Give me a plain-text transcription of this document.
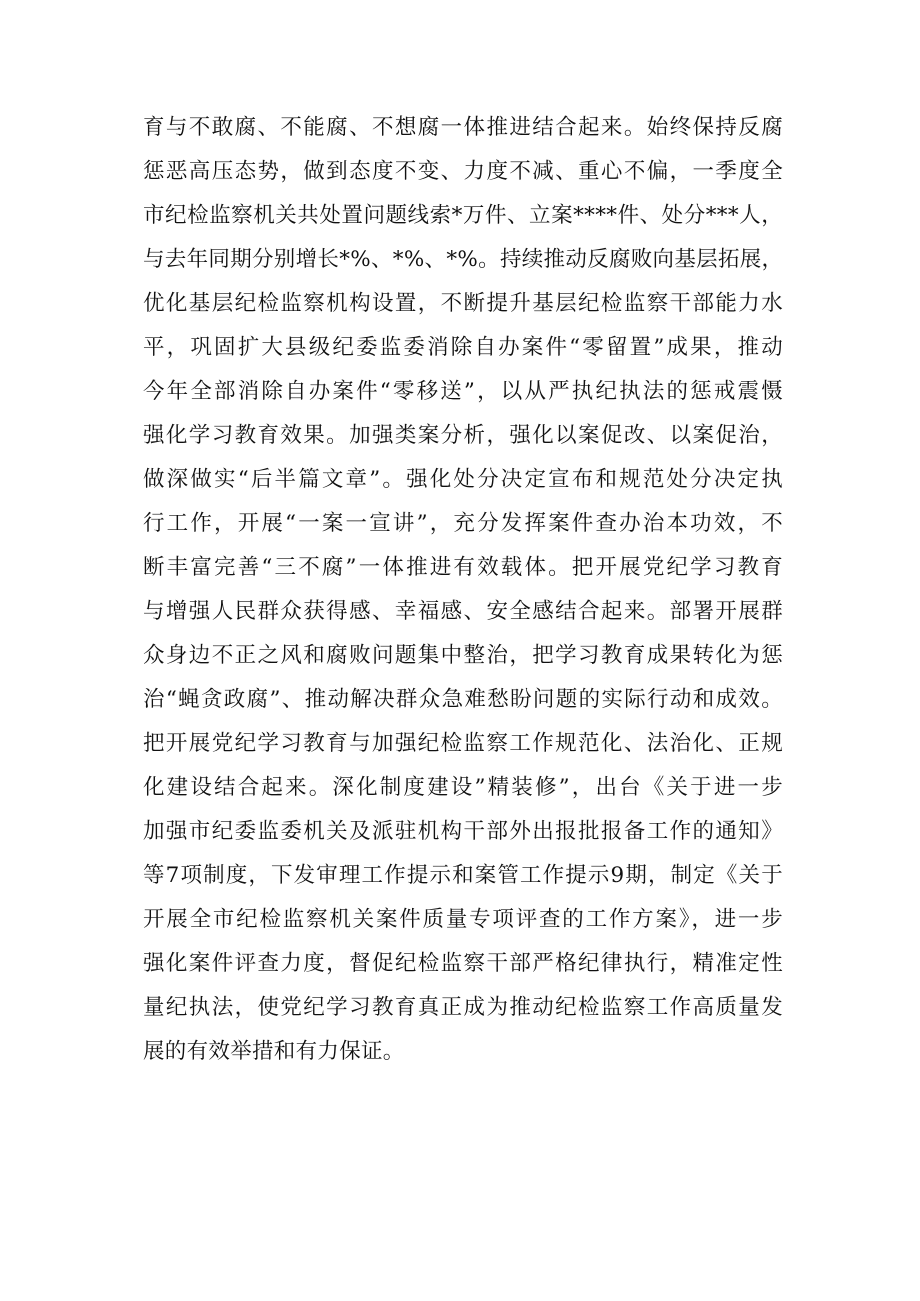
育与不敢腐、不能腐、不想腐一体推进结合起来。始终保持反腐
惩恶高压态势，做到态度不变、力度不减、重心不偏，一季度全
市纪检监察机关共处置问题线索*万件、立案****件、处分***人，
与去年同期分别增长*%、*%、*%。持续推动反腐败向基层拓展，
优化基层纪检监察机构设置，不断提升基层纪检监察干部能力水
平，巩固扩大县级纪委监委消除自办案件“零留置”成果，推动
今年全部消除自办案件“零移送”，以从严执纪执法的惩戒震慑
强化学习教育效果。加强类案分析，强化以案促改、以案促治，
做深做实“后半篇文章”。强化处分决定宣布和规范处分决定执
行工作，开展“一案一宣讲”，充分发挥案件查办治本功效，不
断丰富完善“三不腐”一体推进有效载体。把开展党纪学习教育
与增强人民群众获得感、幸福感、安全感结合起来。部署开展群
众身边不正之风和腐败问题集中整治，把学习教育成果转化为惩
治“蝇贪政腐”、推动解决群众急难愁盼问题的实际行动和成效。
把开展党纪学习教育与加强纪检监察工作规范化、法治化、正规
化建设结合起来。深化制度建设”精装修”，出台《关于进一步
加强市纪委监委机关及派驻机构干部外出报批报备工作的通知》
等7项制度，下发审理工作提示和案管工作提示9期，制定《关于
开展全市纪检监察机关案件质量专项评查的工作方案》，进一步
强化案件评查力度，督促纪检监察干部严格纪律执行，精准定性
量纪执法，使党纪学习教育真正成为推动纪检监察工作高质量发
展的有效举措和有力保证。
